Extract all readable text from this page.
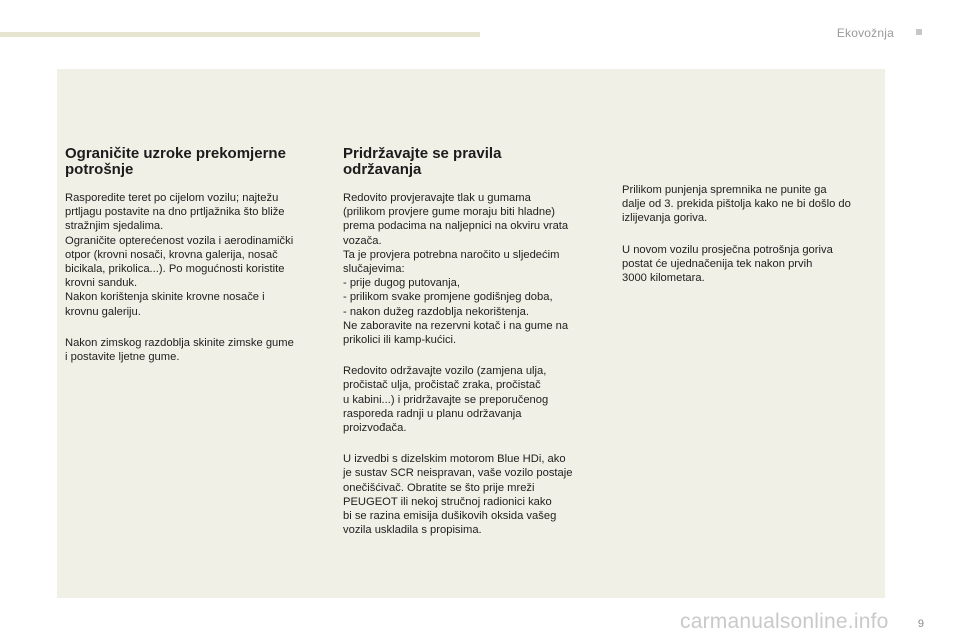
Ekovožnja
Ograničite uzroke prekomjerne
potrošnje

Rasporedite teret po cijelom vozilu; najtežu
prtljagu postavite na dno prtljažnika što bliže
stražnjim sjedalima.
Ograničite opterećenost vozila i aerodinamički
otpor (krovni nosači, krovna galerija, nosač
bicikala, prikolica...). Po mogućnosti koristite
krovni sanduk.
Nakon korištenja skinite krovne nosače i
krovnu galeriju.

Nakon zimskog razdoblja skinite zimske gume
i postavite ljetne gume.

Pridržavajte se pravila
održavanja

Redovito provjeravajte tlak u gumama
(prilikom provjere gume moraju biti hladne)
prema podacima na naljepnici na okviru vrata
vozača.
Ta je provjera potrebna naročito u sljedećim
slučajevima:
- prije dugog putovanja,
- prilikom svake promjene godišnjeg doba,
- nakon dužeg razdoblja nekorištenja.
Ne zaboravite na rezervni kotač i na gume na
prikolici ili kamp-kućici.

Redovito održavajte vozilo (zamjena ulja,
pročistač ulja, pročistač zraka, pročistač
u kabini...) i pridržavajte se preporučenog
rasporeda radnji u planu održavanja
proizvođača.

U izvedbi s dizelskim motorom Blue HDi, ako
je sustav SCR neispravan, vaše vozilo postaje
onečišćivač. Obratite se što prije mreži
PEUGEOT ili nekoj stručnoj radionici kako
bi se razina emisija dušikovih oksida vašeg
vozila uskladila s propisima.

Prilikom punjenja spremnika ne punite ga
dalje od 3. prekida pištolja kako ne bi došlo do
izlijevanja goriva.

U novom vozilu prosječna potrošnja goriva
postat će ujednačenija tek nakon prvih
3000 kilometara.

carmanualsonline.info	9
